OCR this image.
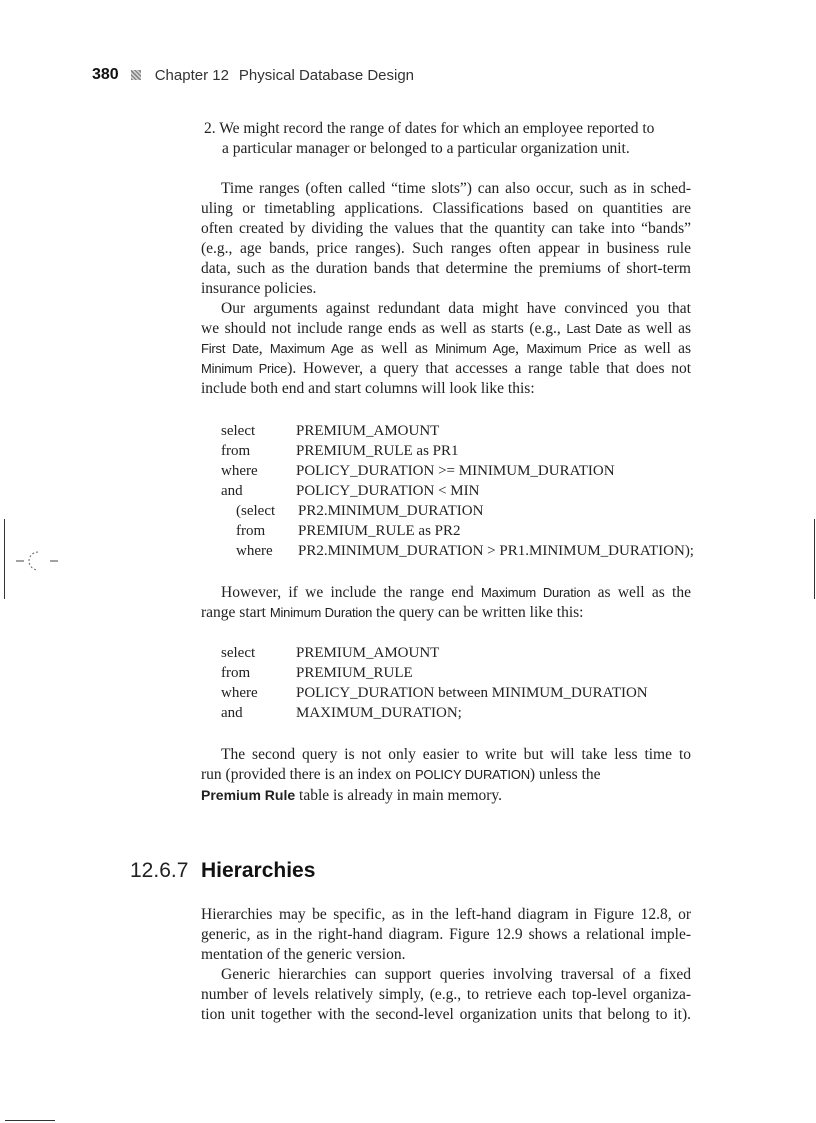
380 Chapter 12 Physical Database Design
2. We might record the range of dates for which an employee reported to
a particular manager or belonged to a particular organization unit.
Time ranges (often called “time slots”) can also occur, such as in sched-
uling or timetabling applications. Classifications based on quantities are
often created by dividing the values that the quantity can take into “bands”
(e.g., age bands, price ranges). Such ranges often appear in business rule
data, such as the duration bands that determine the premiums of short-term
insurance policies.
Our arguments against redundant data might have convinced you that
we should not include range ends as well as starts (e.g., Last Date as well as
First Date, Maximum Age as well as Minimum Age, Maximum Price as well as
Minimum Price). However, a query that accesses a range table that does not
include both end and start columns will look like this:
select	PREMIUM_AMOUNT
from	PREMIUM_RULE as PR1
where	POLICY_DURATION >= MINIMUM_DURATION
and	POLICY_DURATION < MIN
(select PR2.MINIMUM_DURATION
from PREMIUM_RULE as PR2
where PR2.MINIMUM_DURATION > PR1.MINIMUM_DURATION);
However, if we include the range end Maximum Duration as well as the
range start Minimum Duration the query can be written like this:
select	PREMIUM_AMOUNT
from	PREMIUM_RULE
where	POLICY_DURATION between MINIMUM_DURATION
and	MAXIMUM_DURATION;
The second query is not only easier to write but will take less time to
run (provided there is an index on POLICY DURATION) unless the
Premium Rule table is already in main memory.
12.6.7 Hierarchies
Hierarchies may be specific, as in the left-hand diagram in Figure 12.8, or
generic, as in the right-hand diagram. Figure 12.9 shows a relational imple-
mentation of the generic version.
Generic hierarchies can support queries involving traversal of a fixed
number of levels relatively simply, (e.g., to retrieve each top-level organiza-
tion unit together with the second-level organization units that belong to it).
